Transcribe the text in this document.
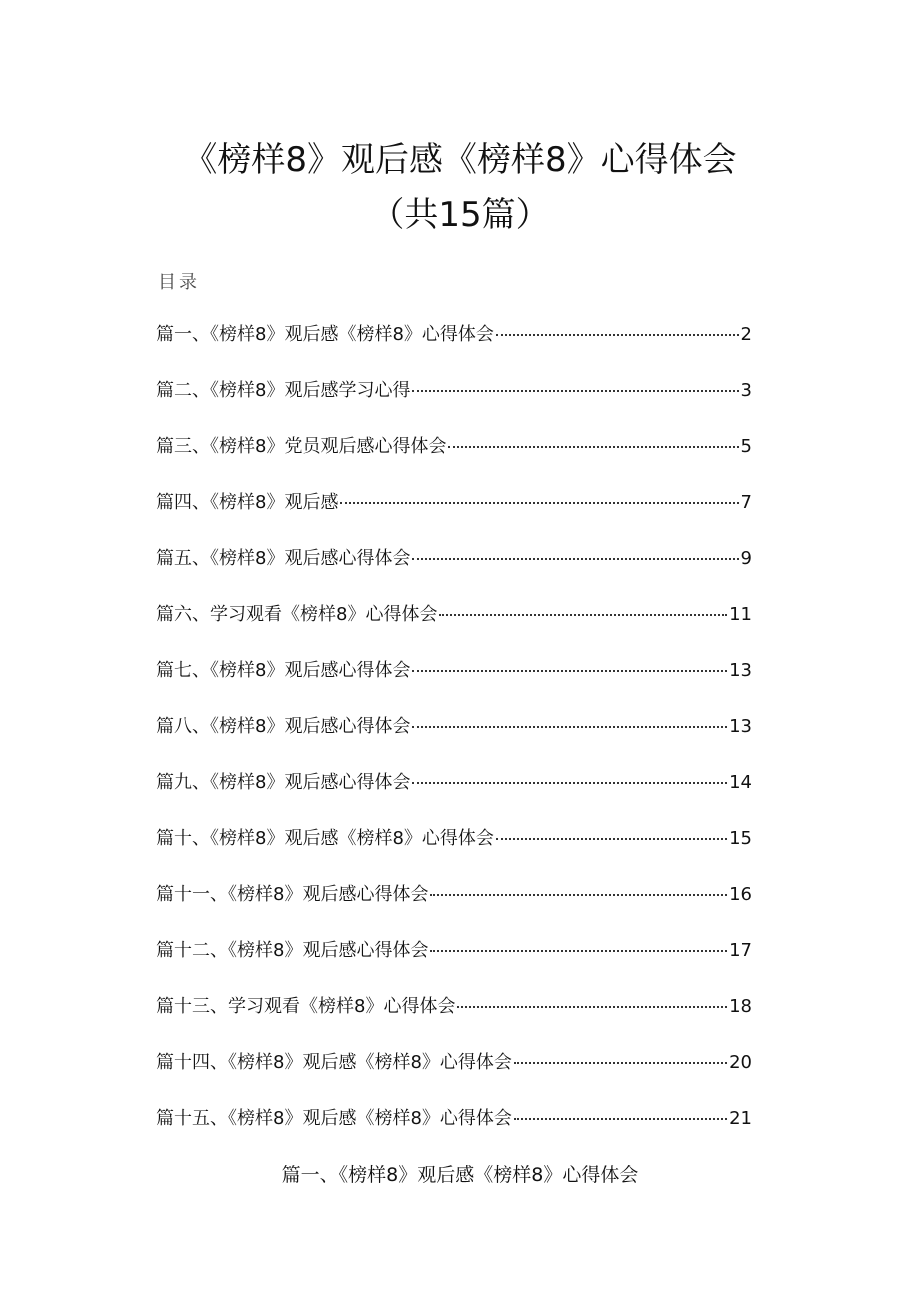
《榜样8》观后感《榜样8》心得体会（共15篇）
目录
篇一、《榜样8》观后感《榜样8》心得体会	2
篇二、《榜样8》观后感学习心得	3
篇三、《榜样8》党员观后感心得体会	5
篇四、《榜样8》观后感	7
篇五、《榜样8》观后感心得体会	9
篇六、学习观看《榜样8》心得体会	11
篇七、《榜样8》观后感心得体会	13
篇八、《榜样8》观后感心得体会	13
篇九、《榜样8》观后感心得体会	14
篇十、《榜样8》观后感《榜样8》心得体会	15
篇十一、《榜样8》观后感心得体会	16
篇十二、《榜样8》观后感心得体会	17
篇十三、学习观看《榜样8》心得体会	18
篇十四、《榜样8》观后感《榜样8》心得体会	20
篇十五、《榜样8》观后感《榜样8》心得体会	21
篇一、《榜样8》观后感《榜样8》心得体会
